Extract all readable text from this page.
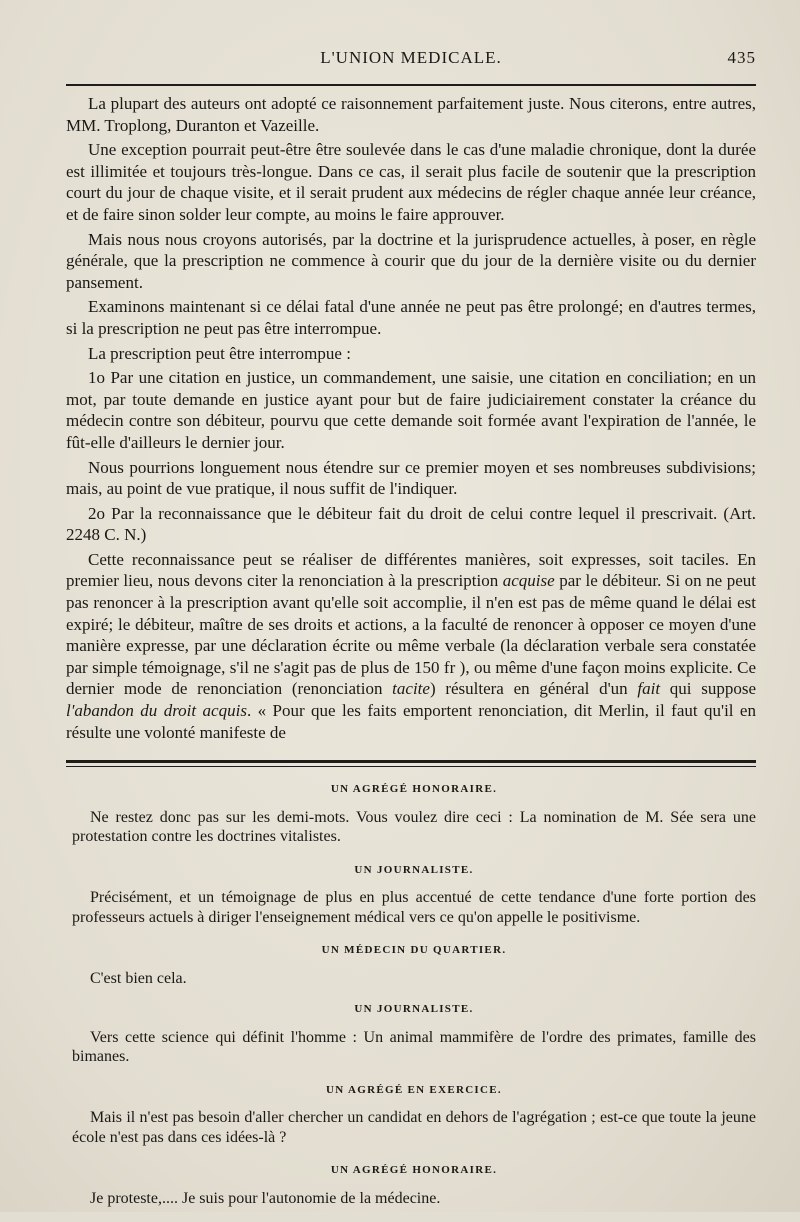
L'UNION MEDICALE.	435

La plupart des auteurs ont adopté ce raisonnement parfaitement juste. Nous citerons, entre autres, MM. Troplong, Duranton et Vazeille.

Une exception pourrait peut-être être soulevée dans le cas d'une maladie chronique, dont la durée est illimitée et toujours très-longue. Dans ce cas, il serait plus facile de soutenir que la prescription court du jour de chaque visite, et il serait prudent aux médecins de régler chaque année leur créance, et de faire sinon solder leur compte, au moins le faire approuver.

Mais nous nous croyons autorisés, par la doctrine et la jurisprudence actuelles, à poser, en règle générale, que la prescription ne commence à courir que du jour de la dernière visite ou du dernier pansement.

Examinons maintenant si ce délai fatal d'une année ne peut pas être prolongé; en d'autres termes, si la prescription ne peut pas être interrompue.

La prescription peut être interrompue :

1o Par une citation en justice, un commandement, une saisie, une citation en conciliation; en un mot, par toute demande en justice ayant pour but de faire judiciairement constater la créance du médecin contre son débiteur, pourvu que cette demande soit formée avant l'expiration de l'année, le fût-elle d'ailleurs le dernier jour.

Nous pourrions longuement nous étendre sur ce premier moyen et ses nombreuses subdivisions; mais, au point de vue pratique, il nous suffit de l'indiquer.

2o Par la reconnaissance que le débiteur fait du droit de celui contre lequel il prescrivait. (Art. 2248 C. N.)

Cette reconnaissance peut se réaliser de différentes manières, soit expresses, soit taciles. En premier lieu, nous devons citer la renonciation à la prescription acquise par le débiteur. Si on ne peut pas renoncer à la prescription avant qu'elle soit accomplie, il n'en est pas de même quand le délai est expiré; le débiteur, maître de ses droits et actions, a la faculté de renoncer à opposer ce moyen d'une manière expresse, par une déclaration écrite ou même verbale (la déclaration verbale sera constatée par simple témoignage, s'il ne s'agit pas de plus de 150 fr ), ou même d'une façon moins explicite. Ce dernier mode de renonciation (renonciation tacite) résultera en général d'un fait qui suppose l'abandon du droit acquis. « Pour que les faits emportent renonciation, dit Merlin, il faut qu'il en résulte une volonté manifeste de

UN AGRÉGÉ HONORAIRE.

Ne restez donc pas sur les demi-mots. Vous voulez dire ceci : La nomination de M. Sée sera une protestation contre les doctrines vitalistes.

UN JOURNALISTE.

Précisément, et un témoignage de plus en plus accentué de cette tendance d'une forte portion des professeurs actuels à diriger l'enseignement médical vers ce qu'on appelle le positivisme.

UN MÉDECIN DU QUARTIER.

C'est bien cela.

UN JOURNALISTE.

Vers cette science qui définit l'homme : Un animal mammifère de l'ordre des primates, famille des bimanes.

UN AGRÉGÉ EN EXERCICE.

Mais il n'est pas besoin d'aller chercher un candidat en dehors de l'agrégation ; est-ce que toute la jeune école n'est pas dans ces idées-là ?

UN AGRÉGÉ HONORAIRE.

Je proteste,.... Je suis pour l'autonomie de la médecine.
